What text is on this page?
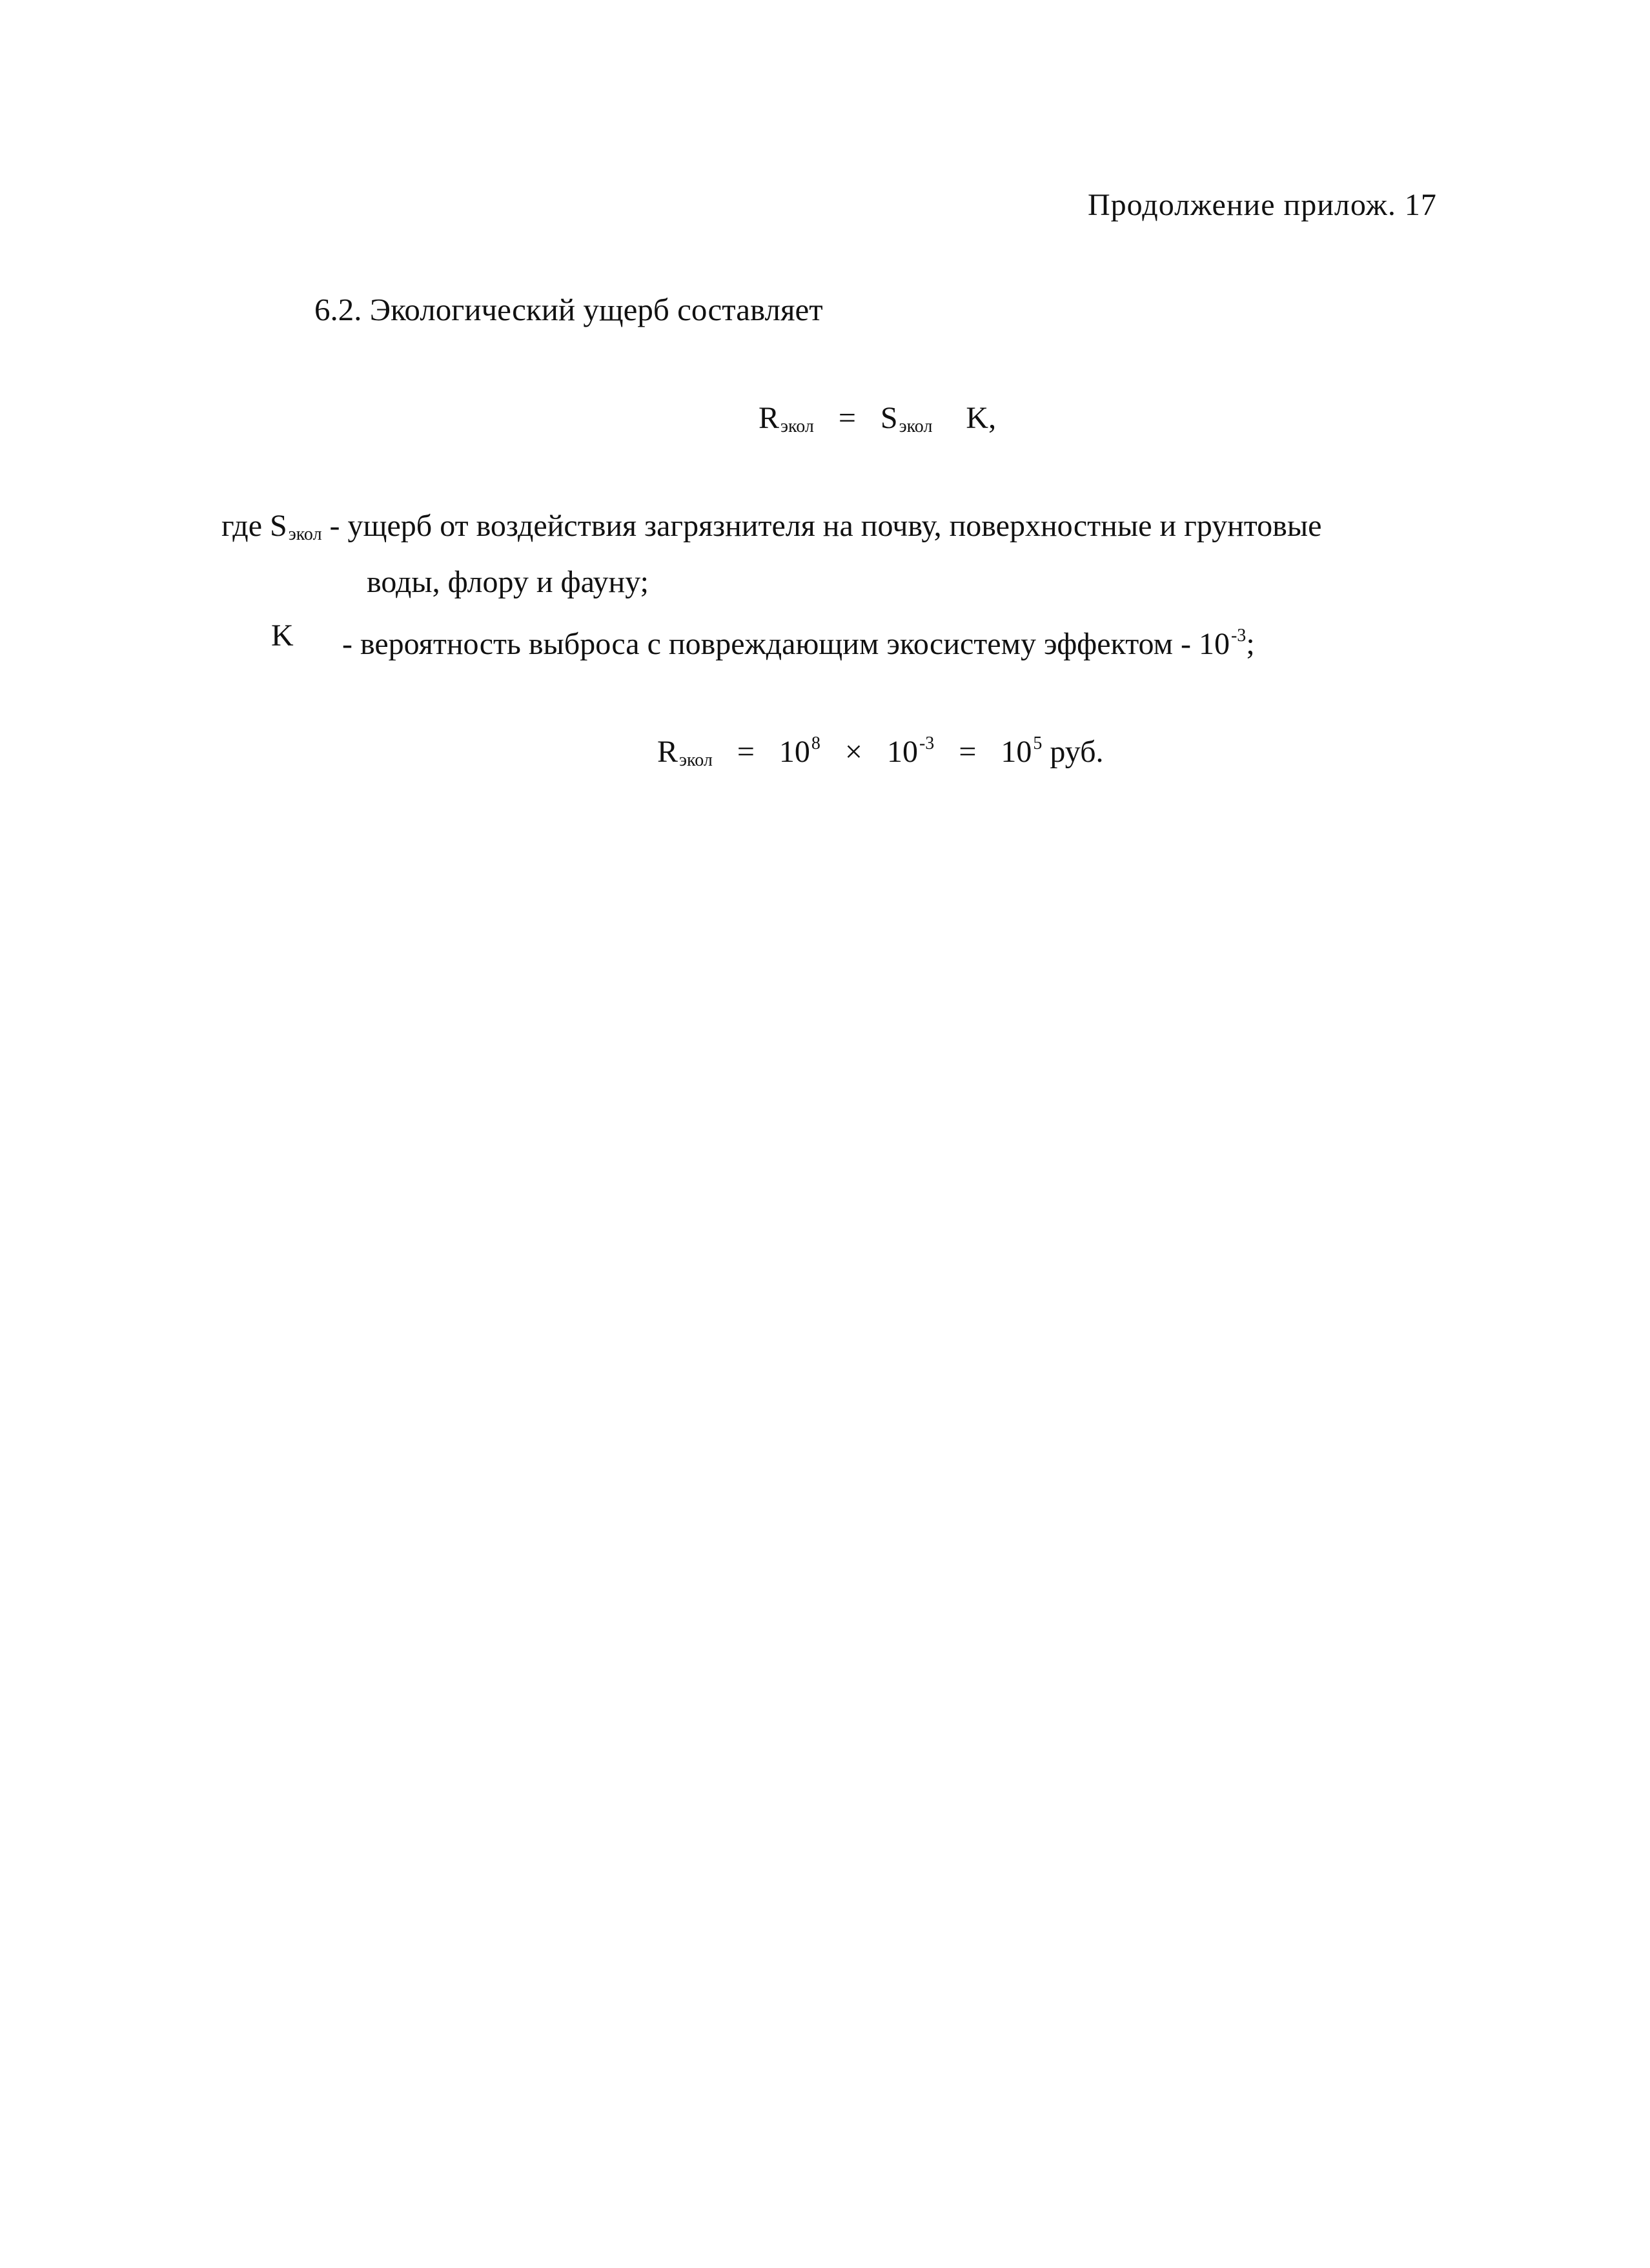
Продолжение прилож. 17
6.2. Экологический ущерб составляет
$R_{экол} = S_{экол}$ K,
где $S_{экол}$ - ущерб от воздействия загрязнителя на почву, поверхностные и грунтовые
воды, флору и фауну;
K - вероятность выброса с повреждающим экосистему эффектом - $10^{-3}$;
$R_{экол} = 10^8 \times 10^{-3} = 10^5$ руб.
